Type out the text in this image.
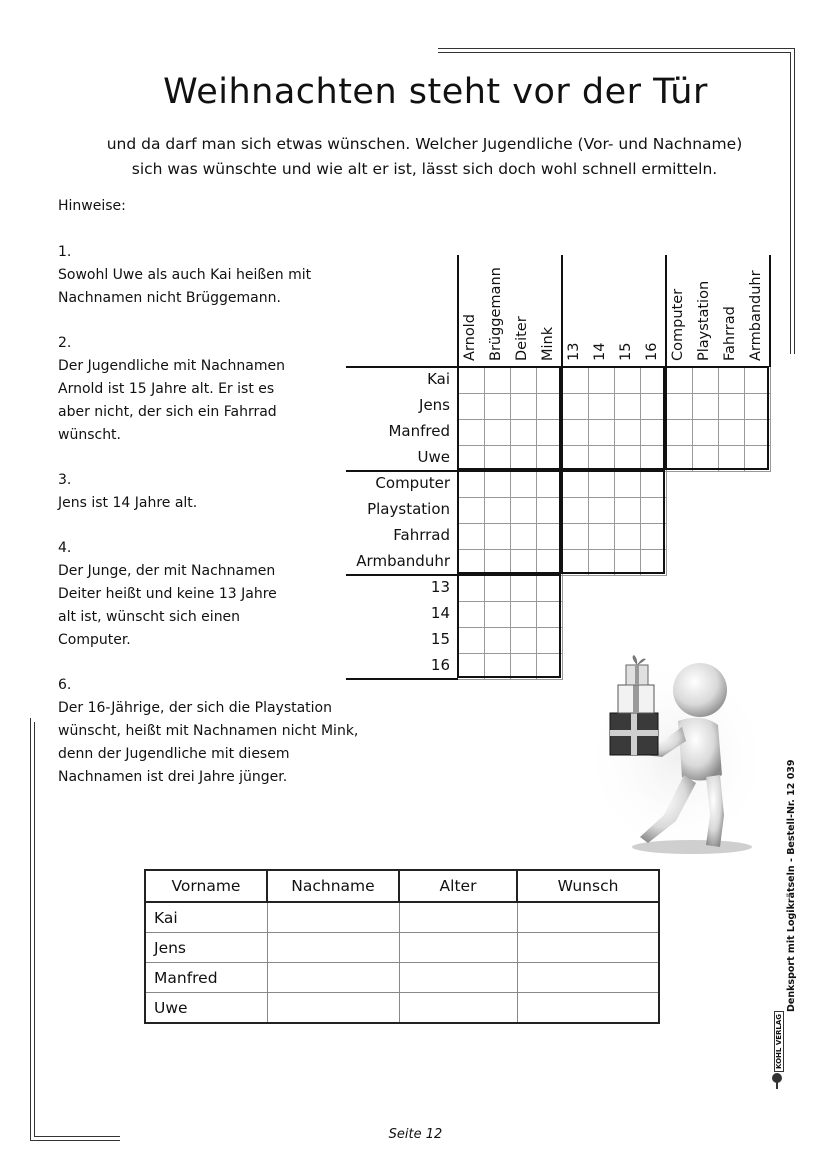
Weihnachten steht vor der Tür
und da darf man sich etwas wünschen. Welcher Jugendliche (Vor- und Nachname)
sich was wünschte und wie alt er ist, lässt sich doch wohl schnell ermitteln.
Hinweise:
1.
Sowohl Uwe als auch Kai heißen mit Nachnamen nicht Brüggemann.
2.
Der Jugendliche mit Nachnamen Arnold ist 15 Jahre alt. Er ist es aber nicht, der sich ein Fahrrad wünscht.
3.
Jens ist 14 Jahre alt.
4.
Der Junge, der mit Nachnamen Deiter heißt und keine 13 Jahre alt ist, wünscht sich einen Computer.
6.
Der 16-Jährige, der sich die Playstation wünscht, heißt mit Nachnamen nicht Mink, denn der Jugendliche mit diesem Nachnamen ist drei Jahre jünger.
Arnold Brüggemann Deiter Mink 13 14 15 16 Computer Playstation Fahrrad Armbanduhr
Kai
Jens
Manfred
Uwe
Computer
Playstation
Fahrrad
Armbanduhr
13
14
15
16
Vorname	Nachname	Alter	Wunsch
Kai			
Jens			
Manfred			
Uwe				Denksport mit Logikrätseln - Bestell-Nr. 12 039
KOHL VERLAG
Seite 12
